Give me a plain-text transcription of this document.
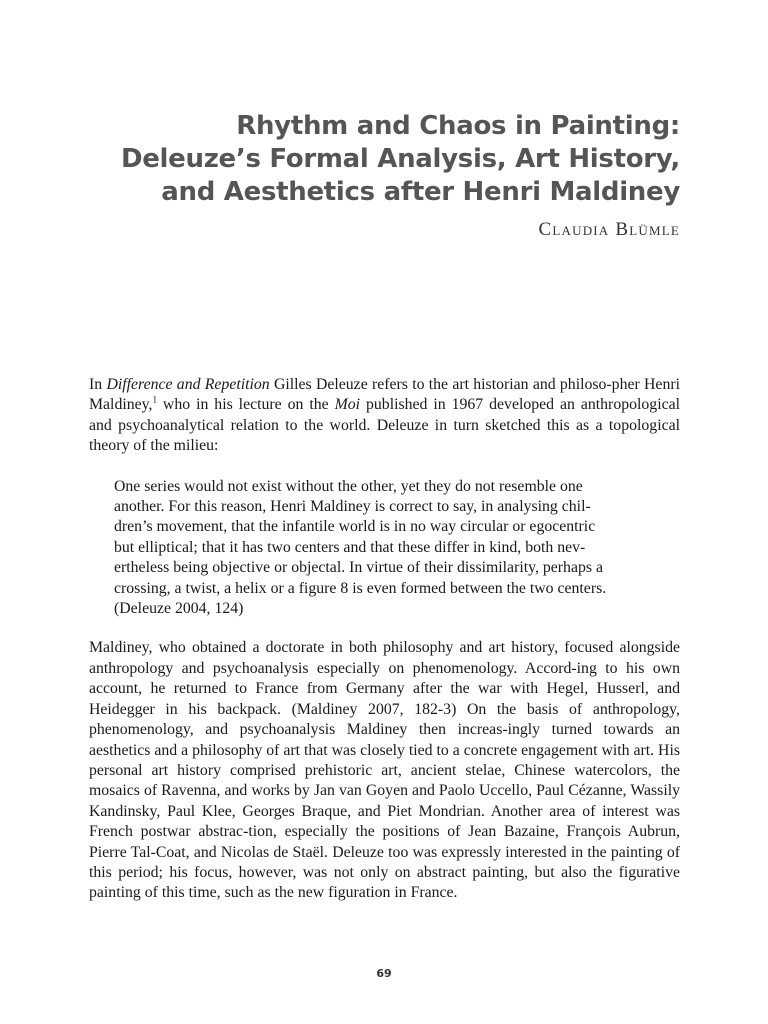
Rhythm and Chaos in Painting:
Deleuze’s Formal Analysis, Art History,
and Aesthetics after Henri Maldiney
Claudia Blümle

In Difference and Repetition Gilles Deleuze refers to the art historian and philoso-pher Henri Maldiney,$^1$ who in his lecture on the Moi published in 1967 developed an anthropological and psychoanalytical relation to the world. Deleuze in turn sketched this as a topological theory of the milieu:

One series would not exist without the other, yet they do not resemble one
another. For this reason, Henri Maldiney is correct to say, in analysing chil-
dren’s movement, that the infantile world is in no way circular or egocentric
but elliptical; that it has two centers and that these differ in kind, both nev-
ertheless being objective or objectal. In virtue of their dissimilarity, perhaps a
crossing, a twist, a helix or a figure 8 is even formed between the two centers.
(Deleuze 2004, 124)

Maldiney, who obtained a doctorate in both philosophy and art history, focused alongside anthropology and psychoanalysis especially on phenomenology. Accord-ing to his own account, he returned to France from Germany after the war with Hegel, Husserl, and Heidegger in his backpack. (Maldiney 2007, 182-3) On the basis of anthropology, phenomenology, and psychoanalysis Maldiney then increas-ingly turned towards an aesthetics and a philosophy of art that was closely tied to a concrete engagement with art. His personal art history comprised prehistoric art, ancient stelae, Chinese watercolors, the mosaics of Ravenna, and works by Jan van Goyen and Paolo Uccello, Paul Cézanne, Wassily Kandinsky, Paul Klee, Georges Braque, and Piet Mondrian. Another area of interest was French postwar abstrac-tion, especially the positions of Jean Bazaine, François Aubrun, Pierre Tal-Coat, and Nicolas de Staël. Deleuze too was expressly interested in the painting of this period; his focus, however, was not only on abstract painting, but also the figurative painting of this time, such as the new figuration in France.

69
